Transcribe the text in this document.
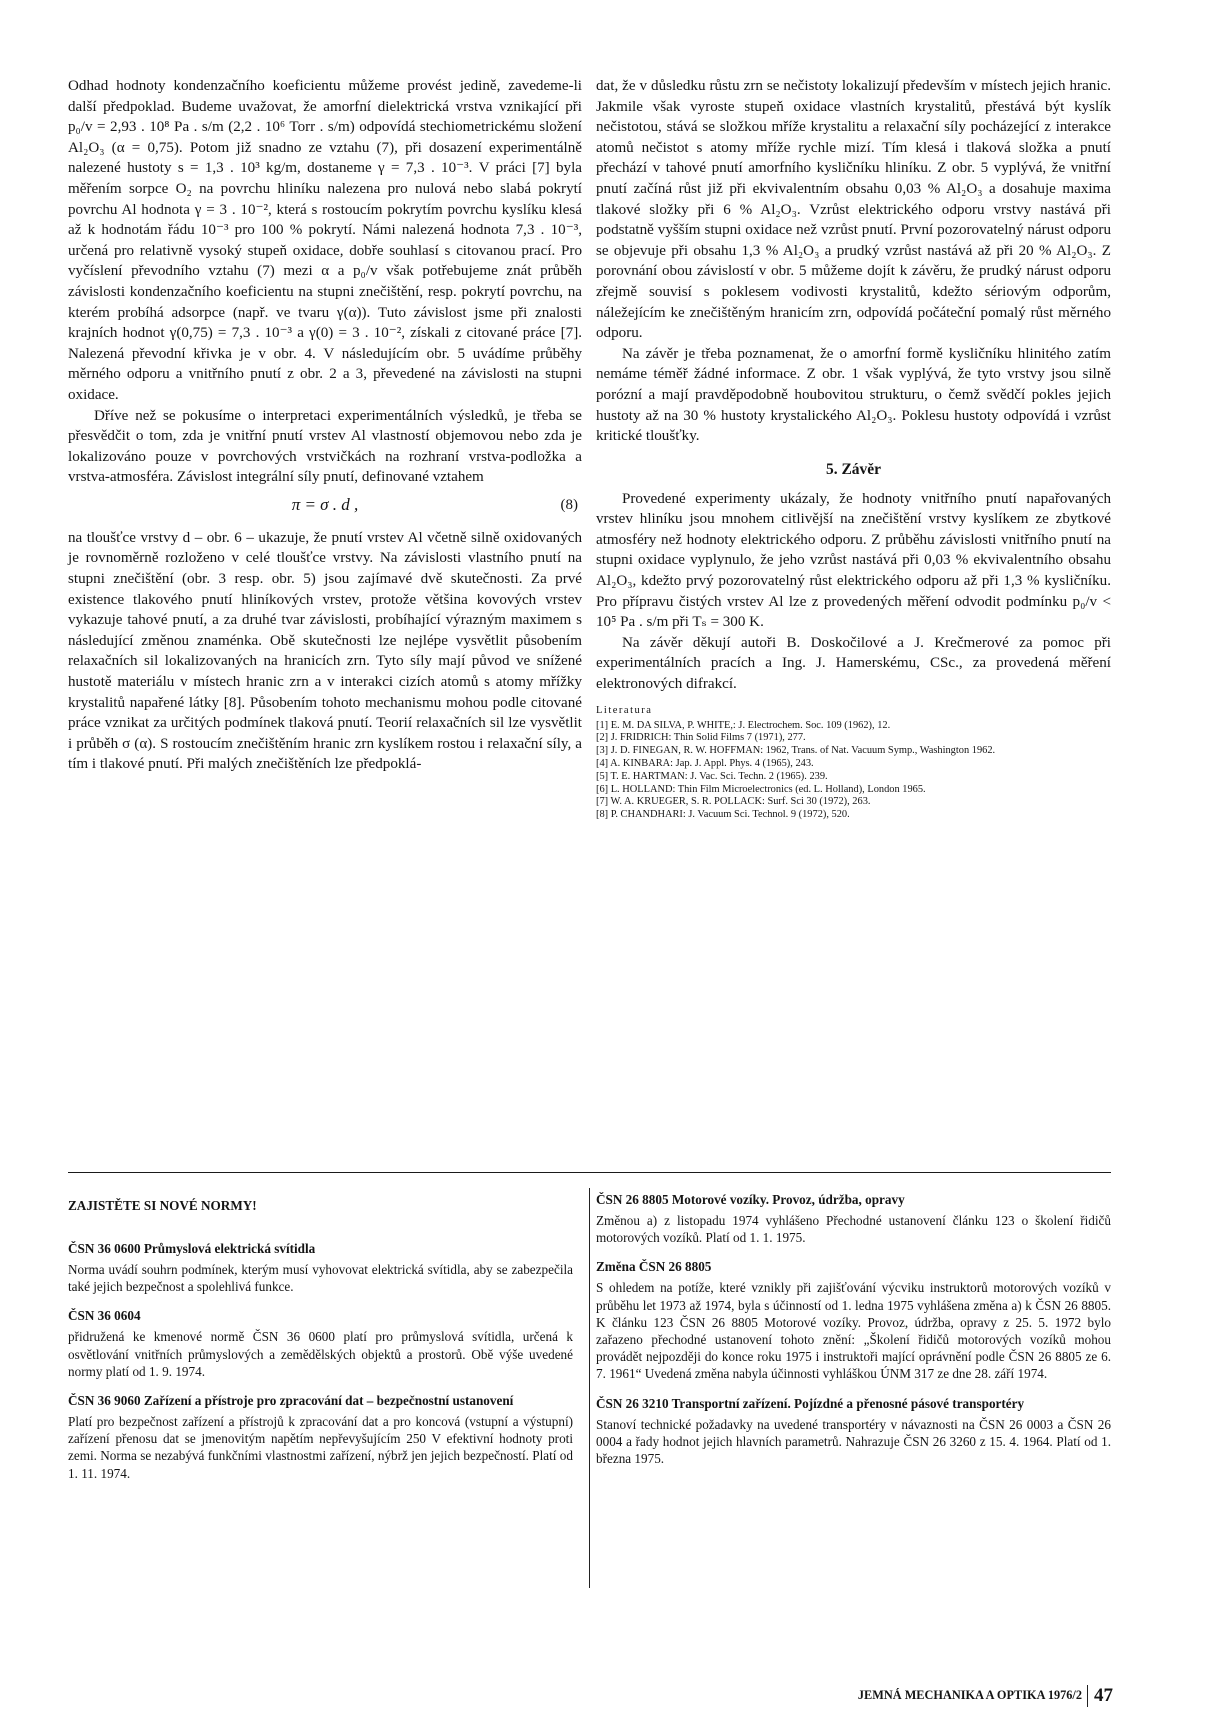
Odhad hodnoty kondenzačního koeficientu můžeme provést jedině, zavedeme-li další předpoklad. Budeme uvažovat, že amorfní dielektrická vrstva vznikající při p₀/v = 2,93 . 10⁸ Pa . s/m (2,2 . 10⁶ Torr . s/m) odpovídá stechiometrickému složení Al₂O₃ (α = 0,75). Potom již snadno ze vztahu (7), při dosazení experimentálně nalezené hustoty s = 1,3 . 10³ kg/m, dostaneme γ = 7,3 . 10⁻³. V práci [7] byla měřením sorpce O₂ na povrchu hliníku nalezena pro nulová nebo slabá pokrytí povrchu Al hodnota γ = 3 . 10⁻², která s rostoucím pokrytím povrchu kyslíku klesá až k hodnotám řádu 10⁻³ pro 100 % pokrytí. Námi nalezená hodnota 7,3 . 10⁻³, určená pro relativně vysoký stupeň oxidace, dobře souhlasí s citovanou prací. Pro vyčíslení převodního vztahu (7) mezi α a p₀/v však potřebujeme znát průběh závislosti kondenzačního koeficientu na stupni znečištění, resp. pokrytí povrchu, na kterém probíhá adsorpce (např. ve tvaru γ(α)). Tuto závislost jsme při znalosti krajních hodnot γ(0,75) = 7,3 . 10⁻³ a γ(0) = 3 . 10⁻², získali z citované práce [7]. Nalezená převodní křivka je v obr. 4. V následujícím obr. 5 uvádíme průběhy měrného odporu a vnitřního pnutí z obr. 2 a 3, převedené na závislosti na stupni oxidace.

Dříve než se pokusíme o interpretaci experimentálních výsledků, je třeba se přesvědčit o tom, zda je vnitřní pnutí vrstev Al vlastností objemovou nebo zda je lokalizováno pouze v povrchových vrstvičkách na rozhraní vrstva-podložka a vrstva-atmosféra. Závislost integrální síly pnutí, definované vztahem

π = σ . d ,	(8)

na tloušťce vrstvy d – obr. 6 – ukazuje, že pnutí vrstev Al včetně silně oxidovaných je rovnoměrně rozloženo v celé tloušťce vrstvy. Na závislosti vlastního pnutí na stupni znečištění (obr. 3 resp. obr. 5) jsou zajímavé dvě skutečnosti. Za prvé existence tlakového pnutí hliníkových vrstev, protože většina kovových vrstev vykazuje tahové pnutí, a za druhé tvar závislosti, probíhající výrazným maximem s následující změnou znaménka. Obě skutečnosti lze nejlépe vysvětlit působením relaxačních sil lokalizovaných na hranicích zrn. Tyto síly mají původ ve snížené hustotě materiálu v místech hranic zrn a v interakci cizích atomů s atomy mřížky krystalitů napařené látky [8]. Působením tohoto mechanismu mohou podle citované práce vznikat za určitých podmínek tlaková pnutí. Teorií relaxačních sil lze vysvětlit i průběh σ (α). S rostoucím znečištěním hranic zrn kyslíkem rostou i relaxační síly, a tím i tlakové pnutí. Při malých znečištěních lze předpoklá-

dat, že v důsledku růstu zrn se nečistoty lokalizují především v místech jejich hranic. Jakmile však vyroste stupeň oxidace vlastních krystalitů, přestává být kyslík nečistotou, stává se složkou mříže krystalitu a relaxační síly pocházející z interakce atomů nečistot s atomy mříže rychle mizí. Tím klesá i tlaková složka a pnutí přechází v tahové pnutí amorfního kysličníku hliníku. Z obr. 5 vyplývá, že vnitřní pnutí začíná růst již při ekvivalentním obsahu 0,03 % Al₂O₃ a dosahuje maxima tlakové složky při 6 % Al₂O₃. Vzrůst elektrického odporu vrstvy nastává při podstatně vyšším stupni oxidace než vzrůst pnutí. První pozorovatelný nárust odporu se objevuje při obsahu 1,3 % Al₂O₃ a prudký vzrůst nastává až při 20 % Al₂O₃. Z porovnání obou závislostí v obr. 5 můžeme dojít k závěru, že prudký nárust odporu zřejmě souvisí s poklesem vodivosti krystalitů, kdežto sériovým odporům, náležejícím ke znečištěným hranicím zrn, odpovídá počáteční pomalý růst měrného odporu.

Na závěr je třeba poznamenat, že o amorfní formě kysličníku hlinitého zatím nemáme téměř žádné informace. Z obr. 1 však vyplývá, že tyto vrstvy jsou silně porózní a mají pravděpodobně houbovitou strukturu, o čemž svědčí pokles jejich hustoty až na 30 % hustoty krystalického Al₂O₃. Poklesu hustoty odpovídá i vzrůst kritické tloušťky.

5. Závěr

Provedené experimenty ukázaly, že hodnoty vnitřního pnutí napařovaných vrstev hliníku jsou mnohem citlivější na znečištění vrstvy kyslíkem ze zbytkové atmosféry než hodnoty elektrického odporu. Z průběhu závislosti vnitřního pnutí na stupni oxidace vyplynulo, že jeho vzrůst nastává při 0,03 % ekvivalentního obsahu Al₂O₃, kdežto prvý pozorovatelný růst elektrického odporu až při 1,3 % kysličníku. Pro přípravu čistých vrstev Al lze z provedených měření odvodit podmínku p₀/v < 10⁵ Pa . s/m při Tₛ = 300 K.

Na závěr děkují autoři B. Doskočilové a J. Krečmerové za pomoc při experimentálních pracích a Ing. J. Hamerskému, CSc., za provedená měření elektronových difrakcí.

Literatura
[1] E. M. DA SILVA, P. WHITE,: J. Electrochem. Soc. 109 (1962), 12.
[2] J. FRIDRICH: Thin Solid Films 7 (1971), 277.
[3] J. D. FINEGAN, R. W. HOFFMAN: 1962, Trans. of Nat. Vacuum Symp., Washington 1962.
[4] A. KINBARA: Jap. J. Appl. Phys. 4 (1965), 243.
[5] T. E. HARTMAN: J. Vac. Sci. Techn. 2 (1965). 239.
[6] L. HOLLAND: Thin Film Microelectronics (ed. L. Holland), London 1965.
[7] W. A. KRUEGER, S. R. POLLACK: Surf. Sci 30 (1972), 263.
[8] P. CHANDHARI: J. Vacuum Sci. Technol. 9 (1972), 520.
ZAJISTĚTE SI NOVÉ NORMY!
ČSN 36 0600 Průmyslová elektrická svítidla

Norma uvádí souhrn podmínek, kterým musí vyhovovat elektrická svítidla, aby se zabezpečila také jejich bezpečnost a spolehlivá funkce.

ČSN 36 0604

přidružená ke kmenové normě ČSN 36 0600 platí pro průmyslová svítidla, určená k osvětlování vnitřních průmyslových a zemědělských objektů a prostorů. Obě výše uvedené normy platí od 1. 9. 1974.

ČSN 36 9060 Zařízení a přístroje pro zpracování dat – bezpečnostní ustanovení

Platí pro bezpečnost zařízení a přístrojů k zpracování dat a pro koncová (vstupní a výstupní) zařízení přenosu dat se jmenovitým napětím nepřevyšujícím 250 V efektivní hodnoty proti zemi. Norma se nezabývá funkčními vlastnostmi zařízení, nýbrž jen jejich bezpečností. Platí od 1. 11. 1974.

ČSN 26 8805 Motorové vozíky. Provoz, údržba, opravy

Změnou a) z listopadu 1974 vyhlášeno Přechodné ustanovení článku 123 o školení řidičů motorových vozíků. Platí od 1. 1. 1975.

Změna ČSN 26 8805

S ohledem na potíže, které vznikly při zajišťování výcviku instruktorů motorových vozíků v průběhu let 1973 až 1974, byla s účinností od 1. ledna 1975 vyhlášena změna a) k ČSN 26 8805. K článku 123 ČSN 26 8805 Motorové vozíky. Provoz, údržba, opravy z 25. 5. 1972 bylo zařazeno přechodné ustanovení tohoto znění: „Školení řidičů motorových vozíků mohou provádět nejpozději do konce roku 1975 i instruktoři mající oprávnění podle ČSN 26 8805 ze 6. 7. 1961“ Uvedená změna nabyla účinnosti vyhláškou ÚNM 317 ze dne 28. září 1974.

ČSN 26 3210 Transportní zařízení. Pojízdné a přenosné pásové transportéry

Stanoví technické požadavky na uvedené transportéry v návaznosti na ČSN 26 0003 a ČSN 26 0004 a řady hodnot jejich hlavních parametrů. Nahrazuje ČSN 26 3260 z 15. 4. 1964. Platí od 1. března 1975.

JEMNÁ MECHANIKA A OPTIKA 1976/2 47
